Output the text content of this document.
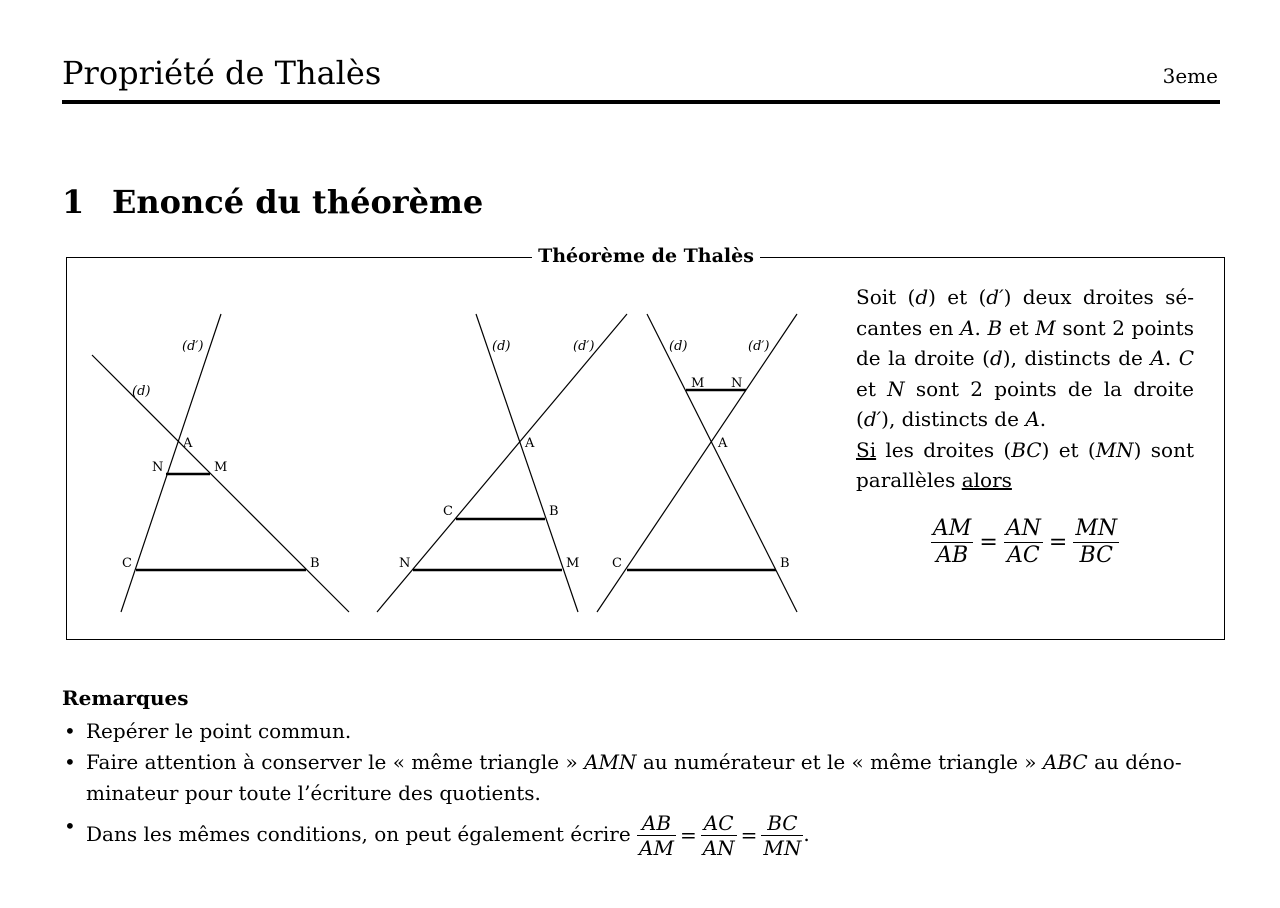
Propriété de Thalès	3eme
1 Enoncé du théorème
Théorème de Thalès
(d′)
(d)
A
N	M
C	B
(d)	(d′)
A
C	B
N	M
(d)	(d′)
M N
A
C	B
Soit (d) et (d′) deux droites sécantes en A. B et M sont 2 points de la droite (d), distincts de A. C et N sont 2 points de la droite (d′), distincts de A.
Si les droites (BC) et (MN) sont parallèles alors
$\frac{AM}{AB} = \frac{AN}{AC} = \frac{MN}{BC}$
Remarques
• Repérer le point commun.
• Faire attention à conserver le « même triangle » AMN au numérateur et le « même triangle » ABC au dénominateur pour toute l’écriture des quotients.
• Dans les mêmes conditions, on peut également écrire $\frac{AB}{AM} = \frac{AC}{AN} = \frac{BC}{MN}$ .
